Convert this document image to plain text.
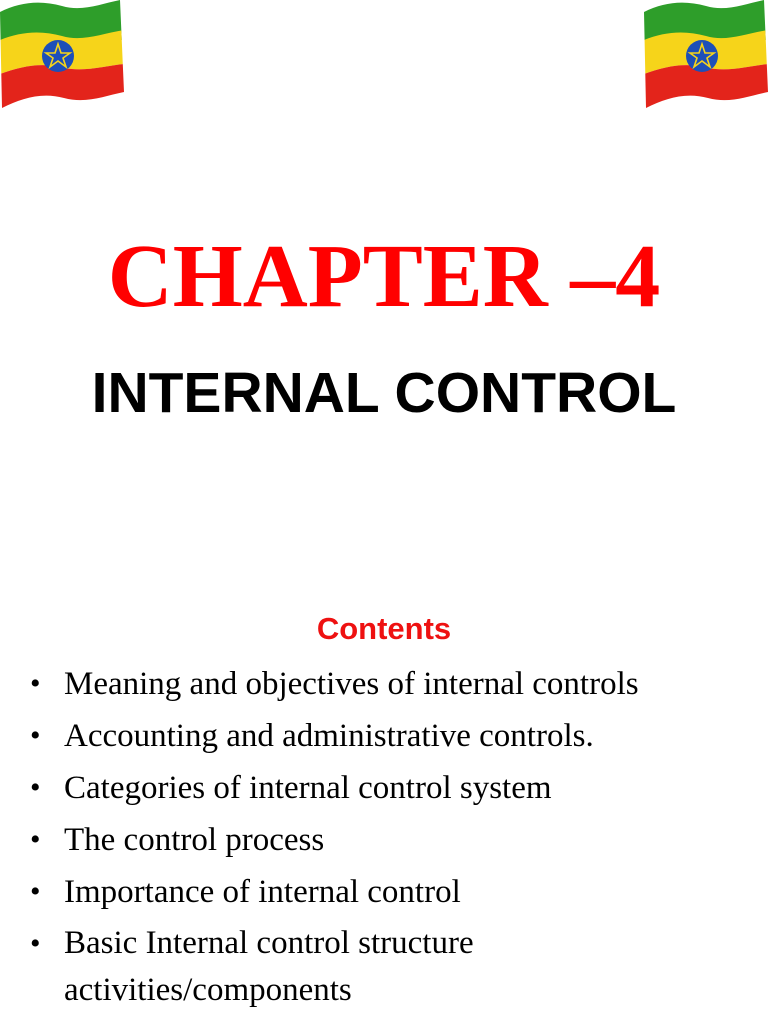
CHAPTER –4
INTERNAL CONTROL
Contents
• Meaning and objectives of internal controls
• Accounting and administrative controls.
• Categories of internal control system
• The control process
• Importance of internal control
• Basic Internal control structure activities/components
